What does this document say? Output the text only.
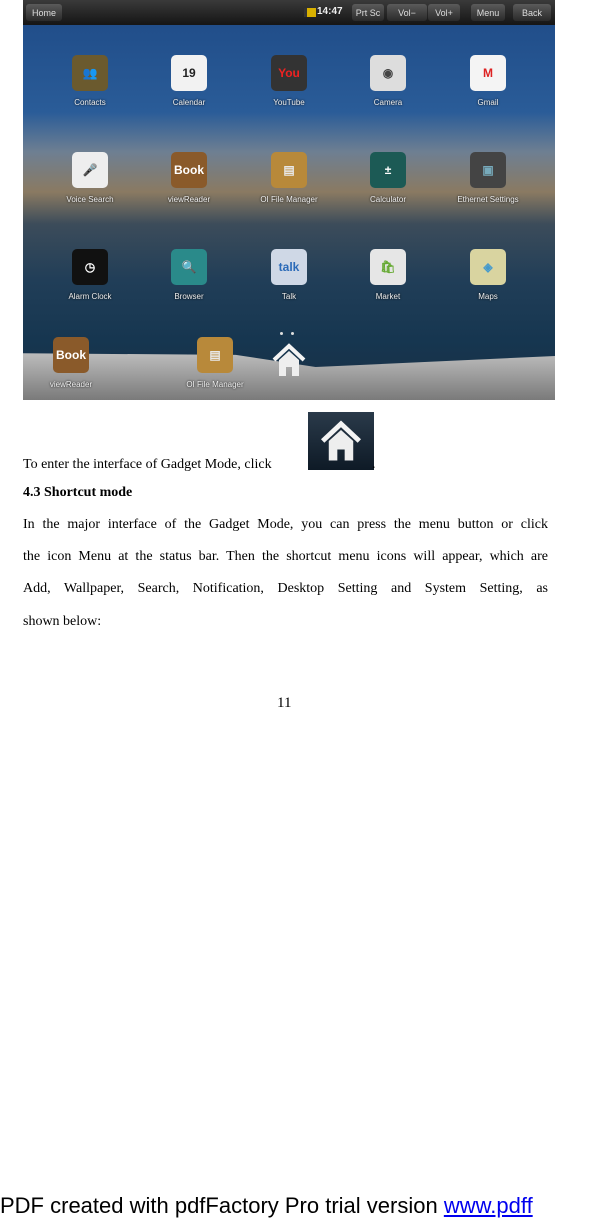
Home	14:47	Prt Sc	Vol−	Vol+	Menu	Back
👥
Contacts
19
Calendar
You
YouTube
◉
Camera
M
Gmail
🎤
Voice Search
Book
viewReader
▤
OI File Manager
±
Calculator
▣
Ethernet Settings
◷
Alarm Clock
🔍
Browser
talk
Talk
🛍
Market
◈
Maps
Book
viewReader
▤
OI File Manager
To enter the interface of Gadget Mode, click	.
4.3 Shortcut mode
In the major interface of the Gadget Mode, you can press the menu button or click
the icon Menu at the status bar. Then the shortcut menu icons will appear, which are
Add, Wallpaper, Search, Notification, Desktop Setting and System Setting, as
shown below:
11
PDF created with pdfFactory Pro trial version www.pdff
